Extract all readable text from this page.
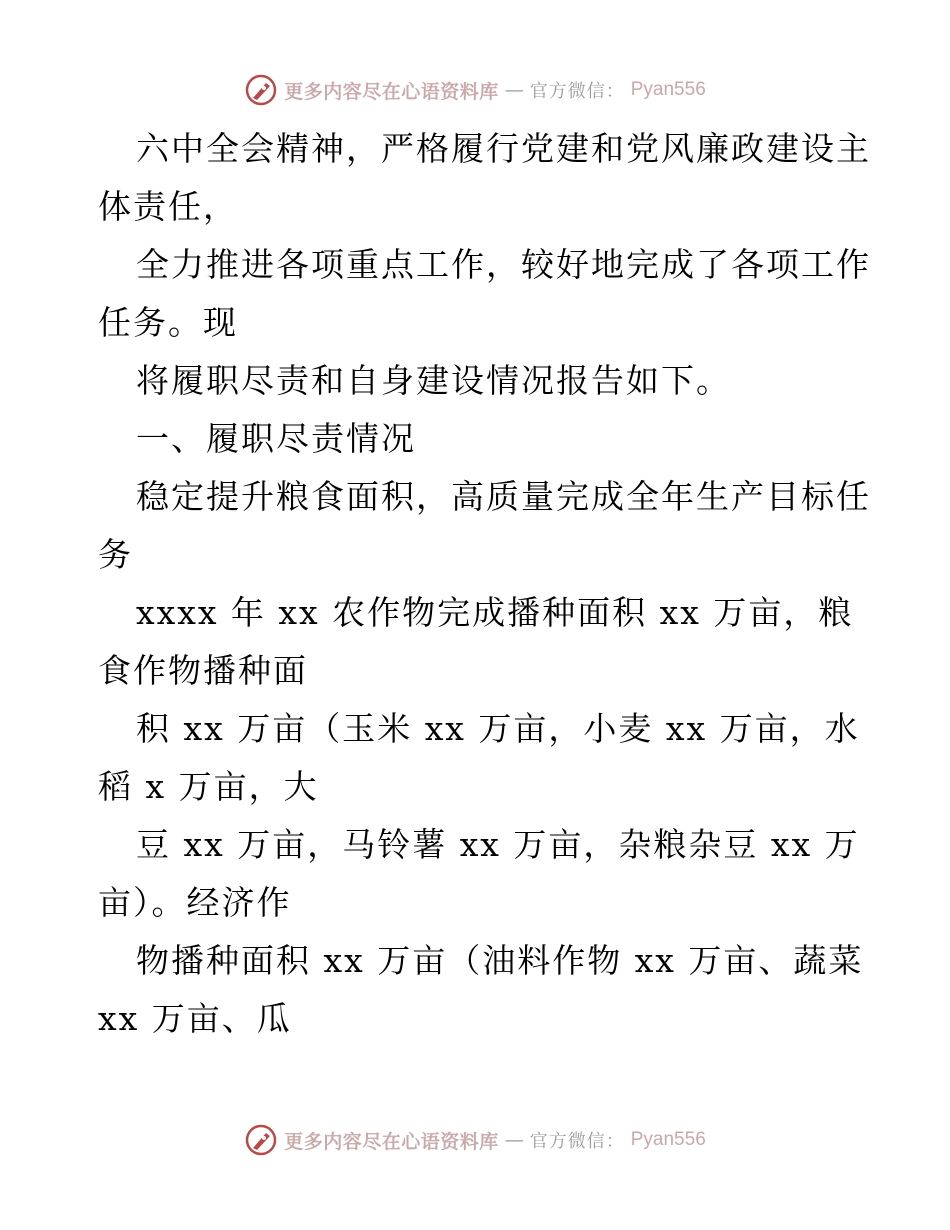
更多内容尽在心语资料库 — 官方微信： Pyan556
六中全会精神，严格履行党建和党风廉政建设主
体责任，
全力推进各项重点工作，较好地完成了各项工作
任务。现
将履职尽责和自身建设情况报告如下。
一、履职尽责情况
稳定提升粮食面积，高质量完成全年生产目标任
务
xxxx 年 xx 农作物完成播种面积 xx 万亩，粮
食作物播种面
积 xx 万亩（玉米 xx 万亩，小麦 xx 万亩，水
稻 x 万亩，大
豆 xx 万亩，马铃薯 xx 万亩，杂粮杂豆 xx 万
亩）。经济作
物播种面积 xx 万亩（油料作物 xx 万亩、蔬菜
xx 万亩、瓜
更多内容尽在心语资料库 — 官方微信： Pyan556
